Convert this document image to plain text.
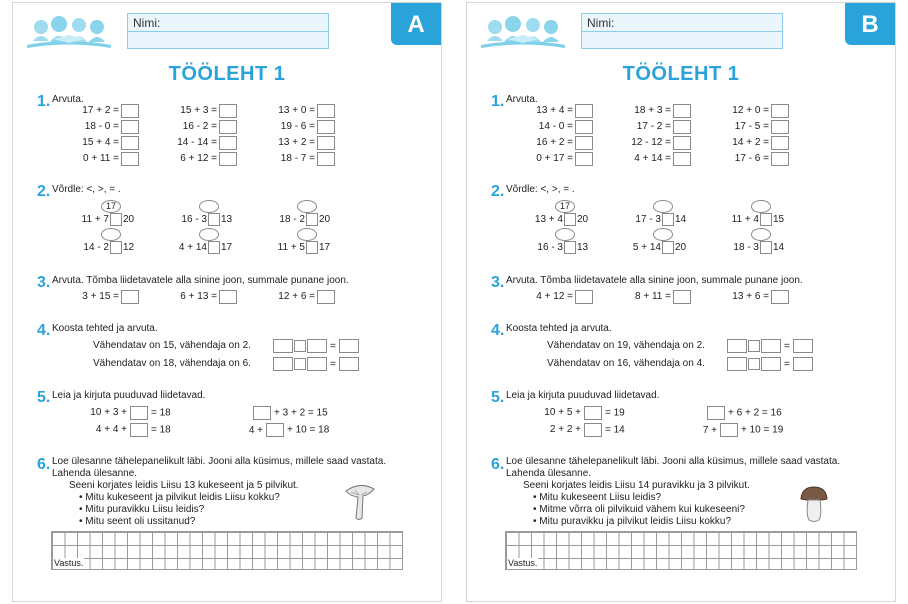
Nimi:	A
TÖÖLEHT 1
1. Arvuta.
2. Võrdle: <, >, = .
3. Arvuta. Tõmba liidetavatele alla sinine joon, summale punane joon.
4. Koosta tehted ja arvuta.
5. Leia ja kirjuta puuduvad liidetavad.
6. Loe ülesanne tähelepanelikult läbi. Jooni alla küsimus, millele saad vastata.
Lahenda ülesanne.
Seeni korjates leidis Liisu 13 kukeseent ja 5 pilvikut.
• Mitu kukeseent ja pilvikut leidis Liisu kokku?
• Mitu puravikku Liisu leidis?
• Mitu seent oli ussitanud?
Vastus.
17 + 2 =	15 + 3 =	13 + 0 =
18 - 0 =	16 - 2 =	19 - 6 =
15 + 4 =	14 - 14 =	13 + 2 =
0 + 11 =	6 + 12 =	18 - 7 =
17
11 + 7 20	16 - 3 13	18 - 2 20
14 - 2 12	4 + 14 17	11 + 5 17
3 + 15 =	6 + 13 =	12 + 6 =
Vähendatav on 15, vähendaja on 2.	=
Vähendatav on 18, vähendaja on 6.	=
10 + 3 + = 18	+ 3 + 2 = 15
4 + 4 + = 18	4 + + 10 = 18
Nimi:	B
TÖÖLEHT 1
1. Arvuta.
2. Võrdle: <, >, = .
3. Arvuta. Tõmba liidetavatele alla sinine joon, summale punane joon.
4. Koosta tehted ja arvuta.
5. Leia ja kirjuta puuduvad liidetavad.
6. Loe ülesanne tähelepanelikult läbi. Jooni alla küsimus, millele saad vastata.
Lahenda ülesanne.
Seeni korjates leidis Liisu 14 puravikku ja 3 pilvikut.
• Mitu kukeseent Liisu leidis?
• Mitme võrra oli pilvikuid vähem kui kukeseeni?
• Mitu puravikku ja pilvikut leidis Liisu kokku?
Vastus.
13 + 4 =	18 + 3 =	12 + 0 =
14 - 0 =	17 - 2 =	17 - 5 =
16 + 2 =	12 - 12 =	14 + 2 =
0 + 17 =	4 + 14 =	17 - 6 =
17
13 + 4 20	17 - 3 14	11 + 4 15
16 - 3 13	5 + 14 20	18 - 3 14
4 + 12 =	8 + 11 =	13 + 6 =
Vähendatav on 19, vähendaja on 2.	=
Vähendatav on 16, vähendaja on 4.	=
10 + 5 + = 19	+ 6 + 2 = 16
2 + 2 + = 14	7 + + 10 = 19
